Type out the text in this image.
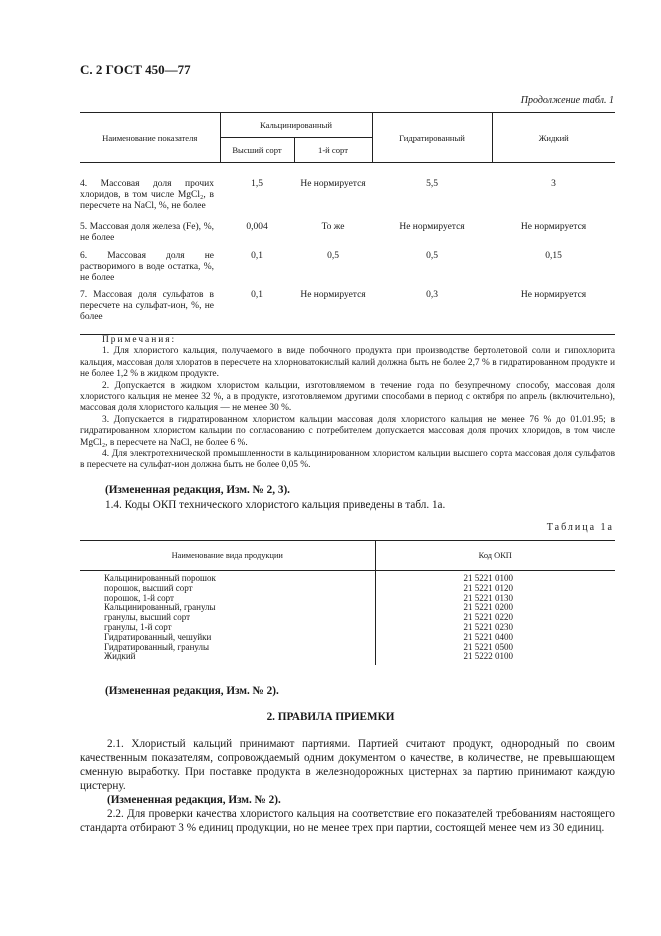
С. 2 ГОСТ 450—77
Продолжение табл. 1
Наименование показателя	Кальцинированный		Гидратированный	Жидкий
	Высший сорт	1-й сорт		
4. Массовая доля прочих хлоридов, в том числе MgCl₂, в пересчете на NaCl, %, не более	1,5	Не нормируется	5,5	3
5. Массовая доля железа (Fe), %, не более	0,004	То же	Не нормируется	Не нормируется
6. Массовая доля не растворимого в воде остатка, %, не более	0,1	0,5	0,5	0,15
7. Массовая доля сульфатов в пересчете на сульфат-ион, %, не более	0,1	Не нормируется	0,3	Не нормируется

Примечания:

1. Для хлористого кальция, получаемого в виде побочного продукта при производстве бертолетовой соли и гипохлорита кальция, массовая доля хлоратов в пересчете на хлорноватокислый калий должна быть не более 2,7 % в гидратированном продукте и не более 1,2 % в жидком продукте.

2. Допускается в жидком хлористом кальции, изготовляемом в течение года по безупречному способу, массовая доля хлористого кальция не менее 32 %, а в продукте, изготовляемом другими способами в период с октября по апрель (включительно), массовая доля хлористого кальция — не менее 30 %.

3. Допускается в гидратированном хлористом кальции массовая доля хлористого кальция не менее 76 % до 01.01.95; в гидратированном хлористом кальции по согласованию с потребителем допускается массовая доля прочих хлоридов, в том числе MgCl₂, в пересчете на NaCl, не более 6 %.

4. Для электротехнической промышленности в кальцинированном хлористом кальции высшего сорта массовая доля сульфатов в пересчете на сульфат-ион должна быть не более 0,05 %.

(Измененная редакция, Изм. № 2, 3).
1.4. Коды ОКП технического хлористого кальция приведены в табл. 1а.
Таблица 1а
Наименование вида продукции	Код ОКП
Кальцинированный порошок	21 5221 0100
порошок, высший сорт	21 5221 0120
порошок, 1-й сорт	21 5221 0130
Кальцинированный, гранулы	21 5221 0200
гранулы, высший сорт	21 5221 0220
гранулы, 1-й сорт	21 5221 0230
Гидратированный, чешуйки	21 5221 0400
Гидратированный, гранулы	21 5221 0500
Жидкий	21 5222 0100
(Измененная редакция, Изм. № 2).
2. ПРАВИЛА ПРИЕМКИ

2.1. Хлористый кальций принимают партиями. Партией считают продукт, однородный по своим качественным показателям, сопровождаемый одним документом о качестве, в количестве, не превышающем сменную выработку. При поставке продукта в железнодорожных цистернах за партию принимают каждую цистерну.

(Измененная редакция, Изм. № 2).

2.2. Для проверки качества хлористого кальция на соответствие его показателей требованиям настоящего стандарта отбирают 3 % единиц продукции, но не менее трех при партии, состоящей менее чем из 30 единиц.
